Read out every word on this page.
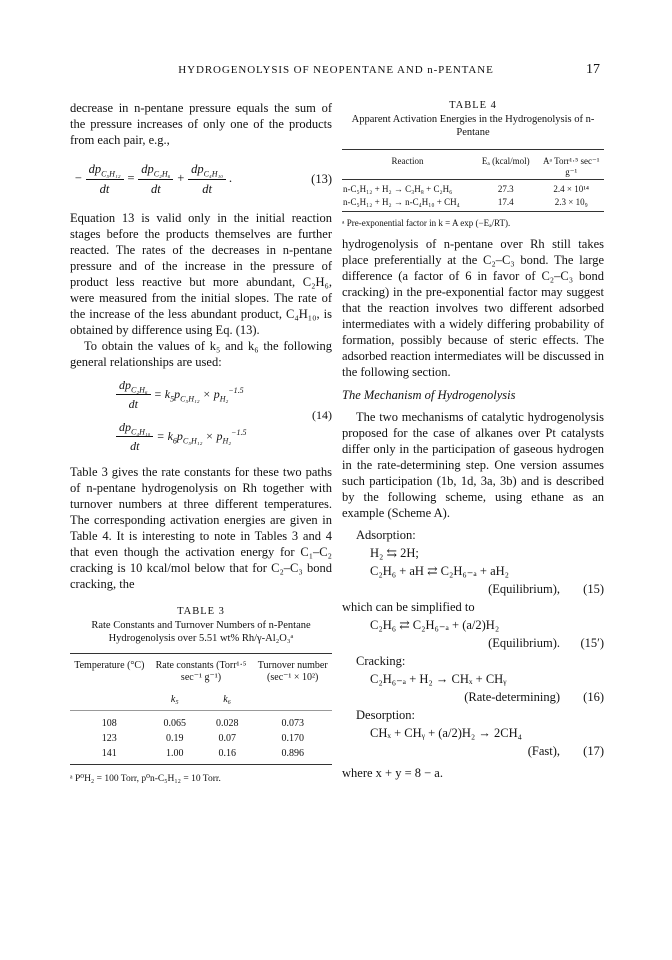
HYDROGENOLYSIS OF NEOPENTANE AND n-PENTANE	17

decrease in n-pentane pressure equals the sum of the pressure increases of only one of the products from each pair, e.g.,

− $\frac{dp_{C_5H_{12}}}{dt} = \frac{dp_{C_2H_6}}{dt} + \frac{dp_{C_4H_{10}}}{dt}$ .	(13)

Equation 13 is valid only in the initial reaction stages before the products themselves are further reacted. The rates of the decreases in n-pentane pressure and of the increase in the pressure of product less reactive but more abundant, C₂H₆, were measured from the initial slopes. The rate of the increase of the less abundant product, C₄H₁₀, is obtained by difference using Eq. (13).

To obtain the values of k₅ and k₆ the following general relationships are used:

$\frac{dp_{C_2H_6}}{dt} = k_5p_{C_5H_{12}} \times p_{H_2}^{-1.5}$
$\frac{dp_{C_4H_{10}}}{dt} = k_6p_{C_5H_{12}} \times p_{H_2}^{-1.5}$
(14)

Table 3 gives the rate constants for these two paths of n-pentane hydrogenolysis on Rh together with turnover numbers at three different temperatures. The corresponding activation energies are given in Table 4. It is interesting to note in Tables 3 and 4 that even though the activation energy for C₁–C₂ cracking is 10 kcal/mol below that for C₂–C₃ bond cracking, the

TABLE 3
Rate Constants and Turnover Numbers of n-Pentane Hydrogenolysis over 5.51 wt% Rh/γ-Al₂O₃ᵃ
Temperature (°C)	Rate constants (Torr¹·⁵ sec⁻¹ g⁻¹)		Turnover number (sec⁻¹ × 10²)
	k₅	k₆	
108	0.065	0.028	0.073
123	0.19	0.07	0.170
141	1.00	0.16	0.896
ᵃ P⁰H₂ = 100 Torr, p⁰n-C₅H₁₂ = 10 Torr.
TABLE 4
Apparent Activation Energies in the Hydrogenolysis of n-Pentane
Reaction	Eₐ (kcal/mol)	Aᵃ Torr¹·⁵ sec⁻¹ g⁻¹
n-C₅H₁₂ + H₂ → C₃H₈ + C₂H₆	27.3	2.4 × 10¹⁴
n-C₅H₁₂ + H₂ → n-C₄H₁₀ + CH₄	17.4	2.3 × 10₉
ᵃ Pre-exponential factor in k = A exp (−Eₐ/RT).

hydrogenolysis of n-pentane over Rh still takes place preferentially at the C₂–C₃ bond. The large difference (a factor of 6 in favor of C₂–C₃ bond cracking) in the pre-exponential factor may suggest that the reaction involves two different adsorbed intermediates with a widely differing probability of formation, possibly because of steric effects. The adsorbed reaction intermediates will be discussed in the following section.

The Mechanism of Hydrogenolysis

The two mechanisms of catalytic hydrogenolysis proposed for the case of alkanes over Pt catalysts differ only in the participation of gaseous hydrogen in the rate-determining step. One version assumes such participation (1b, 1d, 3a, 3b) and is described by the following scheme, using ethane as an example (Scheme A).

Adsorption:
H₂ ⇆ 2H;
C₂H₆ + aH ⇄ C₂H₆₋ₐ + aH₂
(Equilibrium), (15)
which can be simplified to
C₂H₆ ⇄ C₂H₆₋ₐ + (a/2)H₂
(Equilibrium). (15′)
Cracking:
C₂H₆₋ₐ + H₂ → CHₓ + CHᵧ
(Rate-determining) (16)
Desorption:
CHₓ + CHᵧ + (a/2)H₂ → 2CH₄
(Fast), (17)
where x + y = 8 − a.
